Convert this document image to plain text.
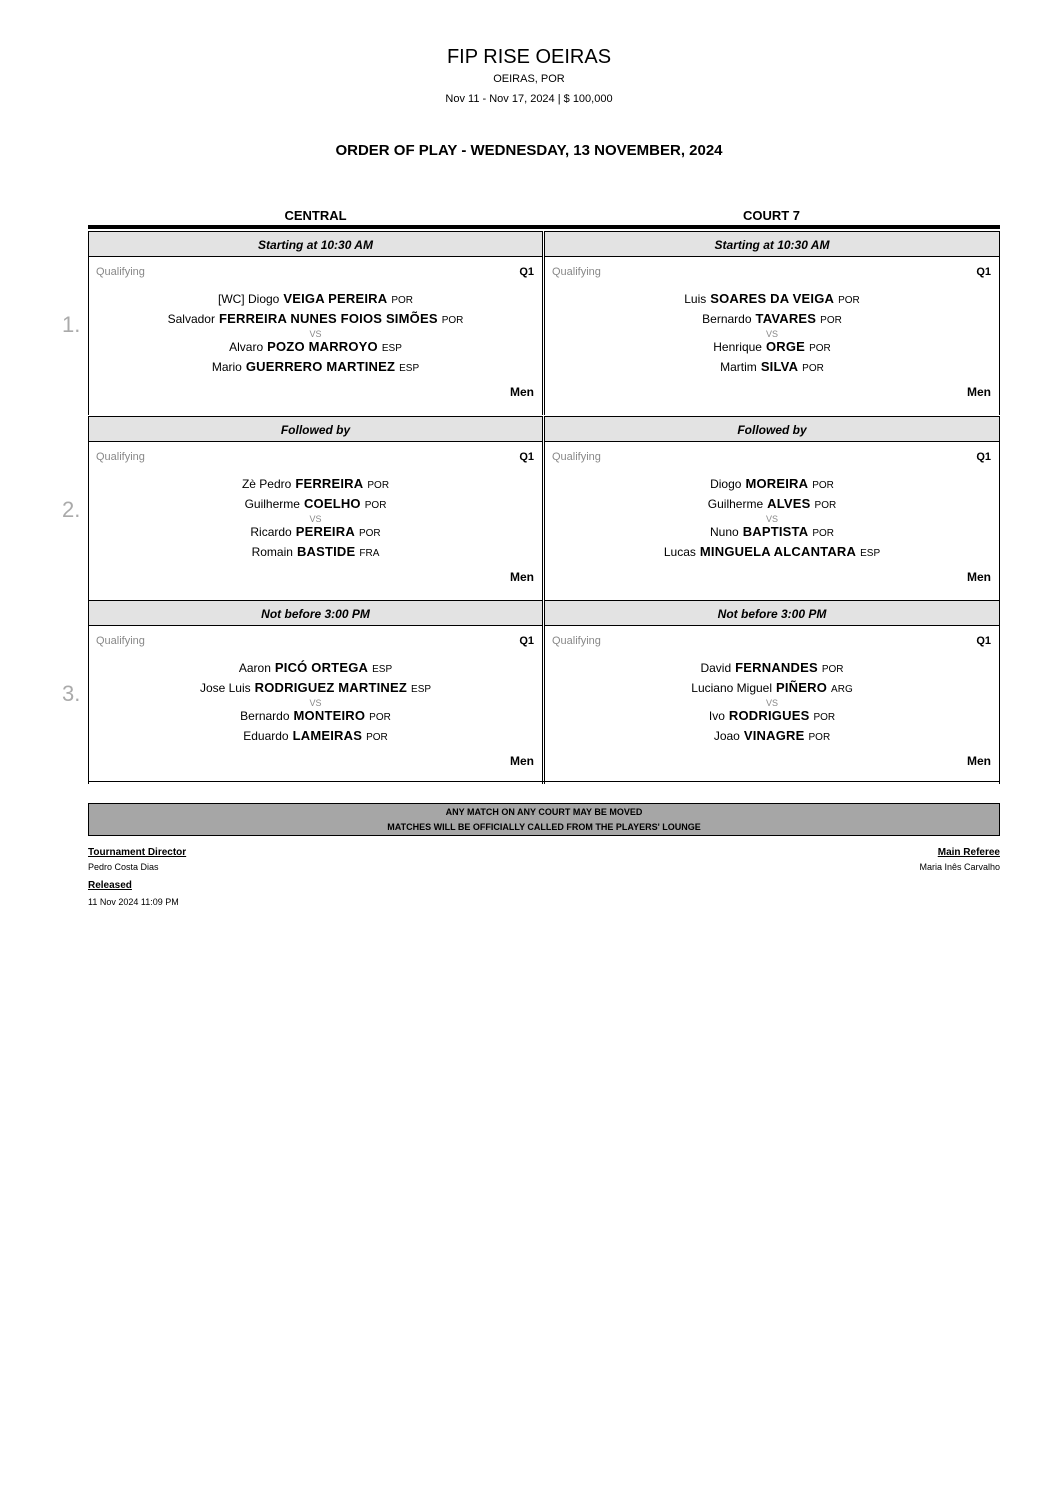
FIP RISE OEIRAS
OEIRAS, POR
Nov 11 - Nov 17, 2024 | $ 100,000
ORDER OF PLAY - WEDNESDAY, 13 NOVEMBER, 2024
CENTRAL	COURT 7
1.
Starting at 10:30 AM
Qualifying	Q1
[WC] Diogo VEIGA PEREIRA POR
Salvador FERREIRA NUNES FOIOS SIMÕES POR
Alvaro POZO MARROYO ESP
Mario GUERRERO MARTINEZ ESP
VS
Men
Starting at 10:30 AM
Qualifying	Q1
Luis SOARES DA VEIGA POR
Bernardo TAVARES POR
Henrique ORGE POR
Martim SILVA POR
VS
Men
2.
Followed by
Qualifying	Q1
Zè Pedro FERREIRA POR
Guilherme COELHO POR
Ricardo PEREIRA POR
Romain BASTIDE FRA
VS
Men
Followed by
Qualifying	Q1
Diogo MOREIRA POR
Guilherme ALVES POR
Nuno BAPTISTA POR
Lucas MINGUELA ALCANTARA ESP
VS
Men
3.
Not before 3:00 PM
Qualifying	Q1
Aaron PICÓ ORTEGA ESP
Jose Luis RODRIGUEZ MARTINEZ ESP
Bernardo MONTEIRO POR
Eduardo LAMEIRAS POR
VS
Men
Not before 3:00 PM
Qualifying	Q1
David FERNANDES POR
Luciano Miguel PIÑERO ARG
Ivo RODRIGUES POR
Joao VINAGRE POR
VS
Men
ANY MATCH ON ANY COURT MAY BE MOVED
MATCHES WILL BE OFFICIALLY CALLED FROM THE PLAYERS' LOUNGE
Tournament Director
Pedro Costa Dias
Released
11 Nov 2024 11:09 PM
Main Referee
Maria Inês Carvalho
